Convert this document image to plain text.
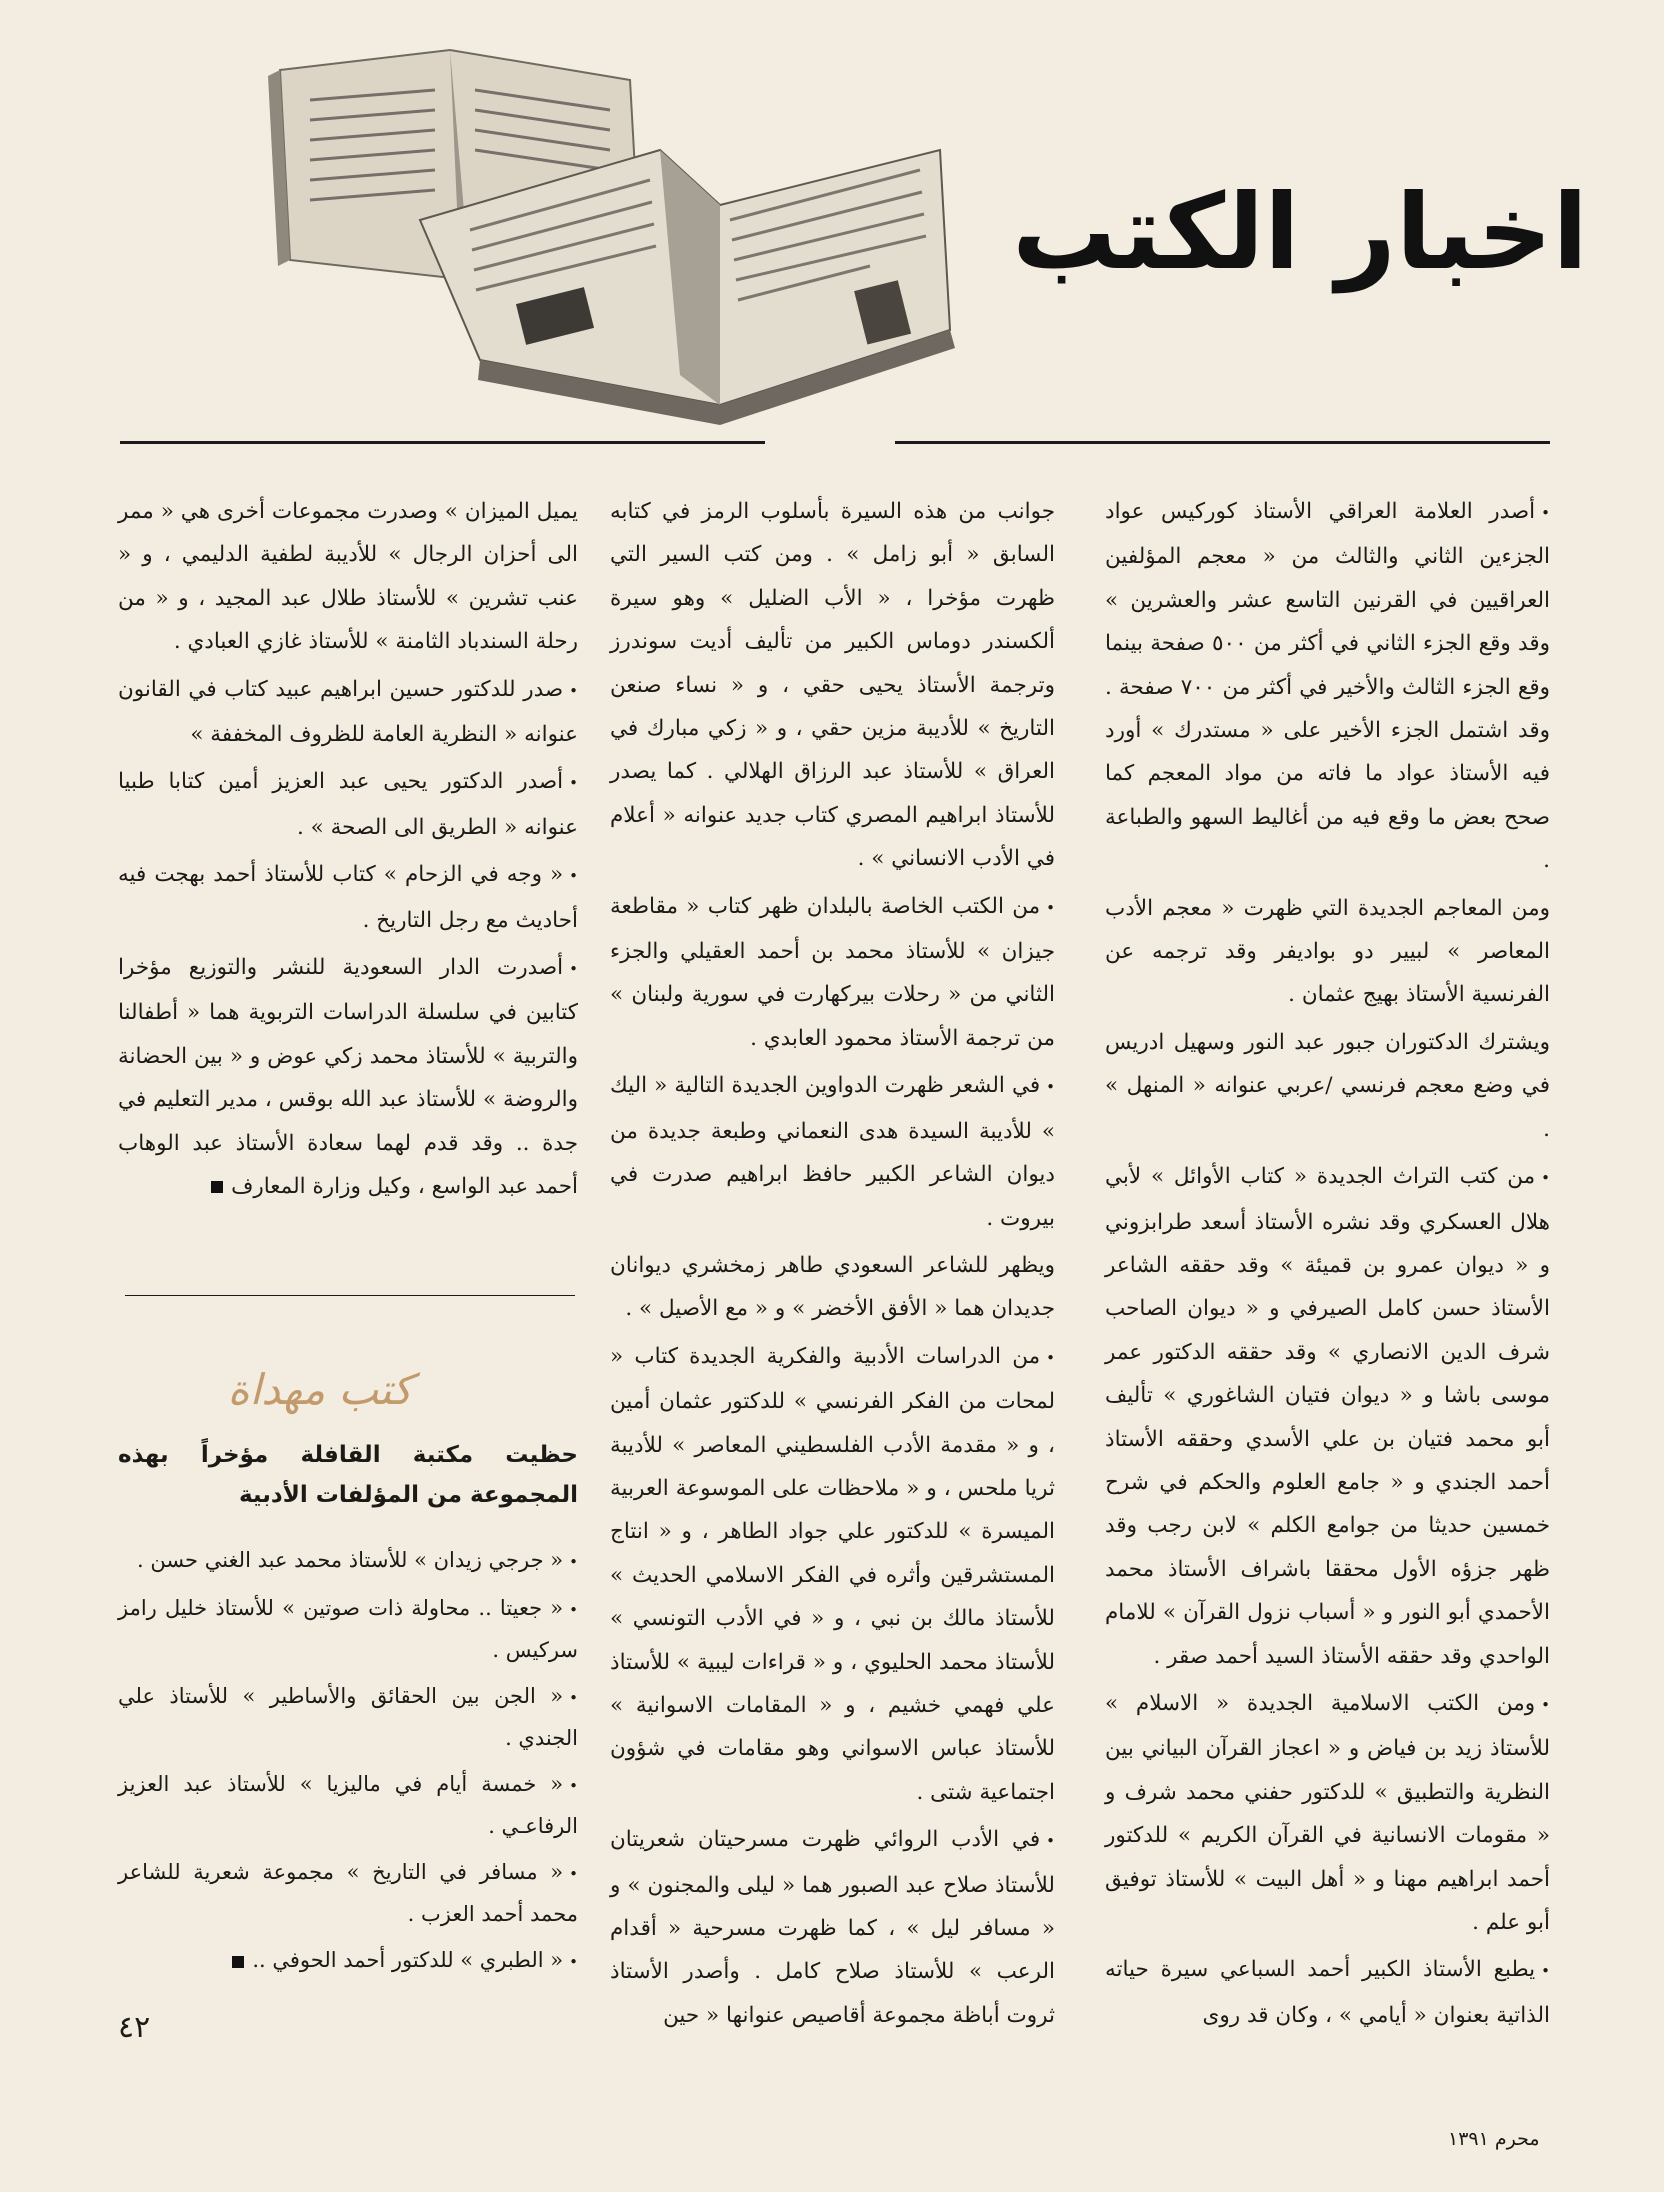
اخبار الكتب

•أصدر العلامة العراقي الأستاذ كوركيس عواد الجزءين الثاني والثالث من « معجم المؤلفين العراقيين في القرنين التاسع عشر والعشرين » وقد وقع الجزء الثاني في أكثر من ٥٠٠ صفحة بينما وقع الجزء الثالث والأخير في أكثر من ٧٠٠ صفحة . وقد اشتمل الجزء الأخير على « مستدرك » أورد فيه الأستاذ عواد ما فاته من مواد المعجم كما صحح بعض ما وقع فيه من أغاليط السهو والطباعة .

ومن المعاجم الجديدة التي ظهرت « معجم الأدب المعاصر » لبيير دو بواديفر وقد ترجمه عن الفرنسية الأستاذ بهيج عثمان .

ويشترك الدكتوران جبور عبد النور وسهيل ادريس في وضع معجم فرنسي /عربي عنوانه « المنهل » .

•من كتب التراث الجديدة « كتاب الأوائل » لأبي هلال العسكري وقد نشره الأستاذ أسعد طرابزوني و « ديوان عمرو بن قميئة » وقد حققه الشاعر الأستاذ حسن كامل الصيرفي و « ديوان الصاحب شرف الدين الانصاري » وقد حققه الدكتور عمر موسى باشا و « ديوان فتيان الشاغوري » تأليف أبو محمد فتيان بن علي الأسدي وحققه الأستاذ أحمد الجندي و « جامع العلوم والحكم في شرح خمسين حديثا من جوامع الكلم » لابن رجب وقد ظهر جزؤه الأول محققا باشراف الأستاذ محمد الأحمدي أبو النور و « أسباب نزول القرآن » للامام الواحدي وقد حققه الأستاذ السيد أحمد صقر .

•ومن الكتب الاسلامية الجديدة « الاسلام » للأستاذ زيد بن فياض و « اعجاز القرآن البياني بين النظرية والتطبيق » للدكتور حفني محمد شرف و « مقومات الانسانية في القرآن الكريم » للدكتور أحمد ابراهيم مهنا و « أهل البيت » للأستاذ توفيق أبو علم .

•يطبع الأستاذ الكبير أحمد السباعي سيرة حياته الذاتية بعنوان « أيامي » ، وكان قد روى

جوانب من هذه السيرة بأسلوب الرمز في كتابه السابق « أبو زامل » . ومن كتب السير التي ظهرت مؤخرا ، « الأب الضليل » وهو سيرة ألكسندر دوماس الكبير من تأليف أديت سوندرز وترجمة الأستاذ يحيى حقي ، و « نساء صنعن التاريخ » للأديبة مزين حقي ، و « زكي مبارك في العراق » للأستاذ عبد الرزاق الهلالي . كما يصدر للأستاذ ابراهيم المصري كتاب جديد عنوانه « أعلام في الأدب الانساني » .

•من الكتب الخاصة بالبلدان ظهر كتاب « مقاطعة جيزان » للأستاذ محمد بن أحمد العقيلي والجزء الثاني من « رحلات بيركهارت في سورية ولبنان » من ترجمة الأستاذ محمود العابدي .

•في الشعر ظهرت الدواوين الجديدة التالية « اليك » للأديبة السيدة هدى النعماني وطبعة جديدة من ديوان الشاعر الكبير حافظ ابراهيم صدرت في بيروت .

ويظهر للشاعر السعودي طاهر زمخشري ديوانان جديدان هما « الأفق الأخضر » و « مع الأصيل » .

•من الدراسات الأدبية والفكرية الجديدة كتاب « لمحات من الفكر الفرنسي » للدكتور عثمان أمين ، و « مقدمة الأدب الفلسطيني المعاصر » للأديبة ثريا ملحس ، و « ملاحظات على الموسوعة العربية الميسرة » للدكتور علي جواد الطاهر ، و « انتاج المستشرقين وأثره في الفكر الاسلامي الحديث » للأستاذ مالك بن نبي ، و « في الأدب التونسي » للأستاذ محمد الحليوي ، و « قراءات ليبية » للأستاذ علي فهمي خشيم ، و « المقامات الاسوانية » للأستاذ عباس الاسواني وهو مقامات في شؤون اجتماعية شتى .

•في الأدب الروائي ظهرت مسرحيتان شعريتان للأستاذ صلاح عبد الصبور هما « ليلى والمجنون » و « مسافر ليل » ، كما ظهرت مسرحية « أقدام الرعب » للأستاذ صلاح كامل . وأصدر الأستاذ ثروت أباظة مجموعة أقاصيص عنوانها « حين

يميل الميزان » وصدرت مجموعات أخرى هي « ممر الى أحزان الرجال » للأديبة لطفية الدليمي ، و « عنب تشرين » للأستاذ طلال عبد المجيد ، و « من رحلة السندباد الثامنة » للأستاذ غازي العبادي .

•صدر للدكتور حسين ابراهيم عبيد كتاب في القانون عنوانه « النظرية العامة للظروف المخففة »

•أصدر الدكتور يحيى عبد العزيز أمين كتابا طبيا عنوانه « الطريق الى الصحة » .

•« وجه في الزحام » كتاب للأستاذ أحمد بهجت فيه أحاديث مع رجل التاريخ .

•أصدرت الدار السعودية للنشر والتوزيع مؤخرا كتابين في سلسلة الدراسات التربوية هما « أطفالنا والتربية » للأستاذ محمد زكي عوض و « بين الحضانة والروضة » للأستاذ عبد الله بوقس ، مدير التعليم في جدة .. وقد قدم لهما سعادة الأستاذ عبد الوهاب أحمد عبد الواسع ، وكيل وزارة المعارف

كتب مهداة
حظيت مكتبة القافلة مؤخراً بهذه المجموعة من المؤلفات الأدبية
•« جرجي زيدان » للأستاذ محمد عبد الغني حسن .
•« جعيتا .. محاولة ذات صوتين » للأستاذ خليل رامز سركيس .
•« الجن بين الحقائق والأساطير » للأستاذ علي الجندي .
•« خمسة أيام في ماليزيا » للأستاذ عبد العزيز الرفاعـي .
•« مسافر في التاريخ » مجموعة شعرية للشاعر محمد أحمد العزب .
•« الطبري » للدكتور أحمد الحوفي ..
٤٢
محرم ١٣٩١
